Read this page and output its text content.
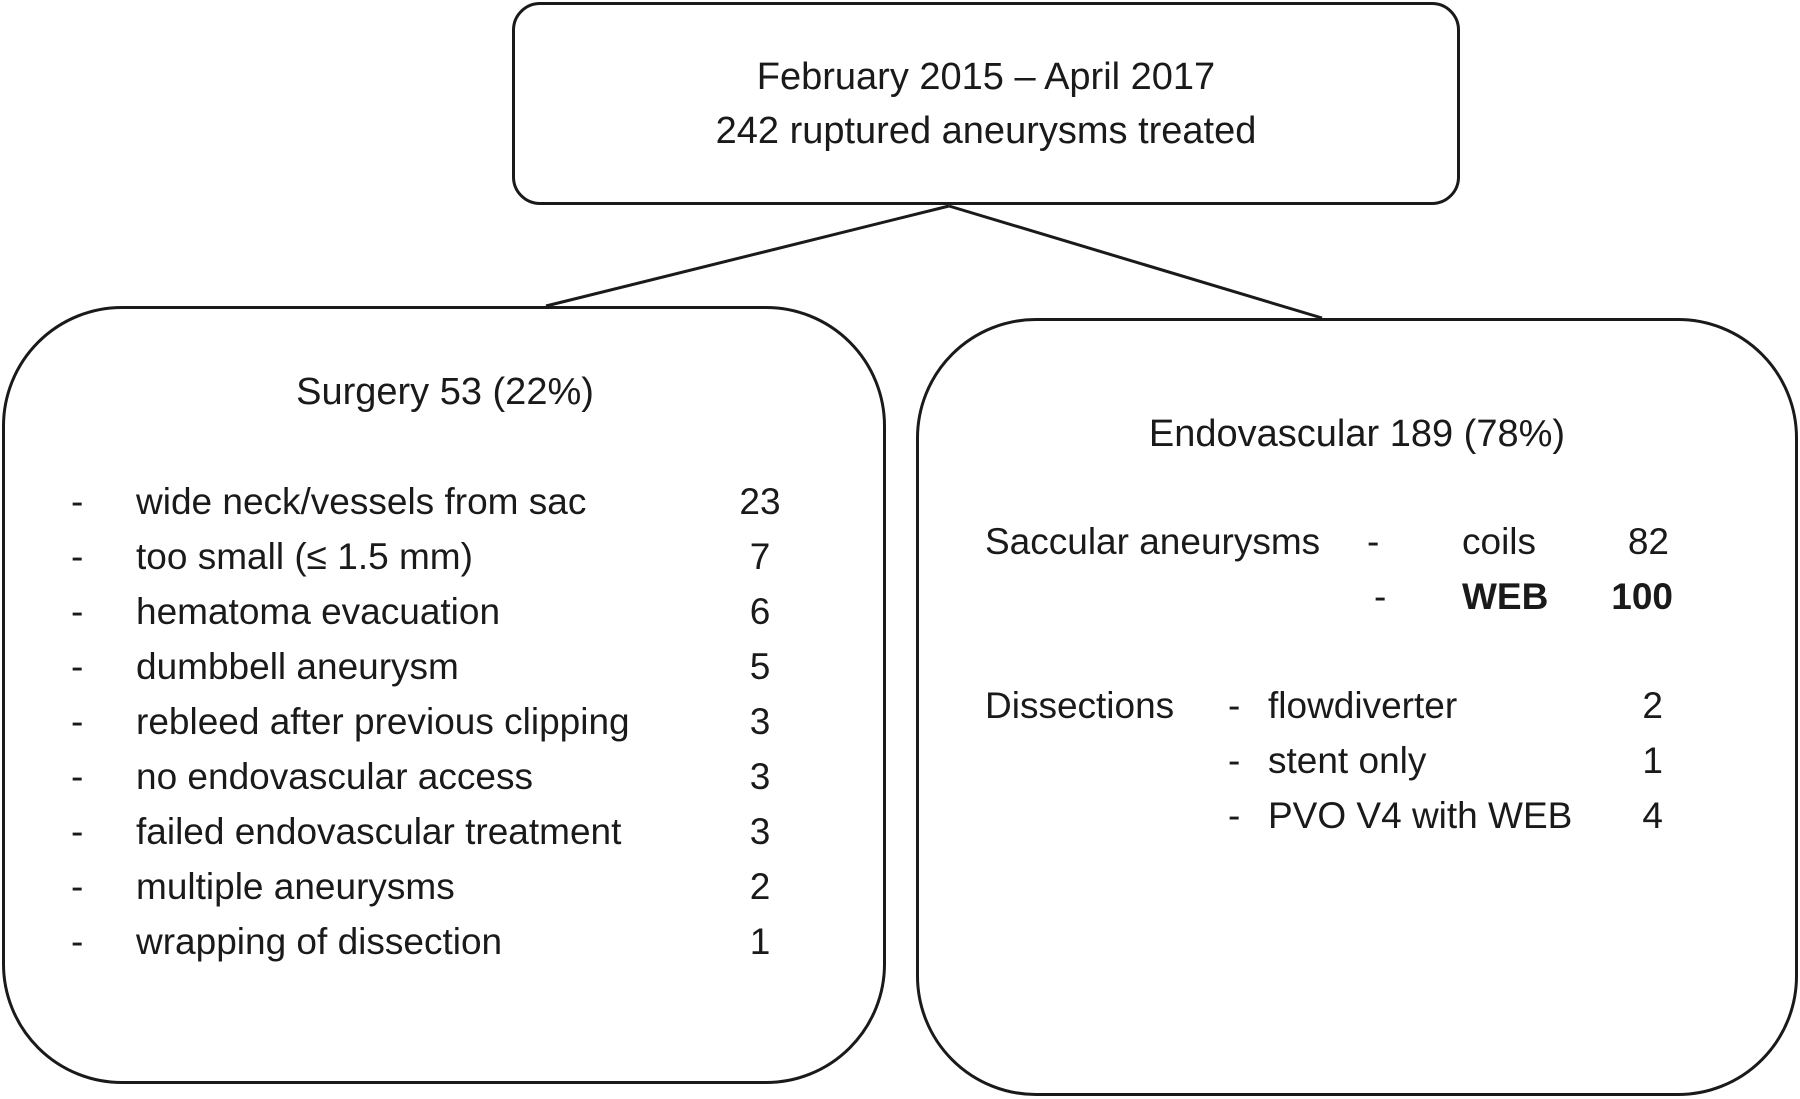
February 2015 – April 2017
242 ruptured aneurysms treated
Surgery 53 (22%)
- wide neck/vessels from sac	23
- too small (≤ 1.5 mm)	7
- hematoma evacuation	6
- dumbbell aneurysm	5
- rebleed after previous clipping	3
- no endovascular access	3
- failed endovascular treatment	3
- multiple aneurysms	2
- wrapping of dissection	1
Endovascular 189 (78%)
Saccular aneurysms - coils	82
- WEB	100
Dissections - flowdiverter	2
- stent only	1
- PVO V4 with WEB	4
